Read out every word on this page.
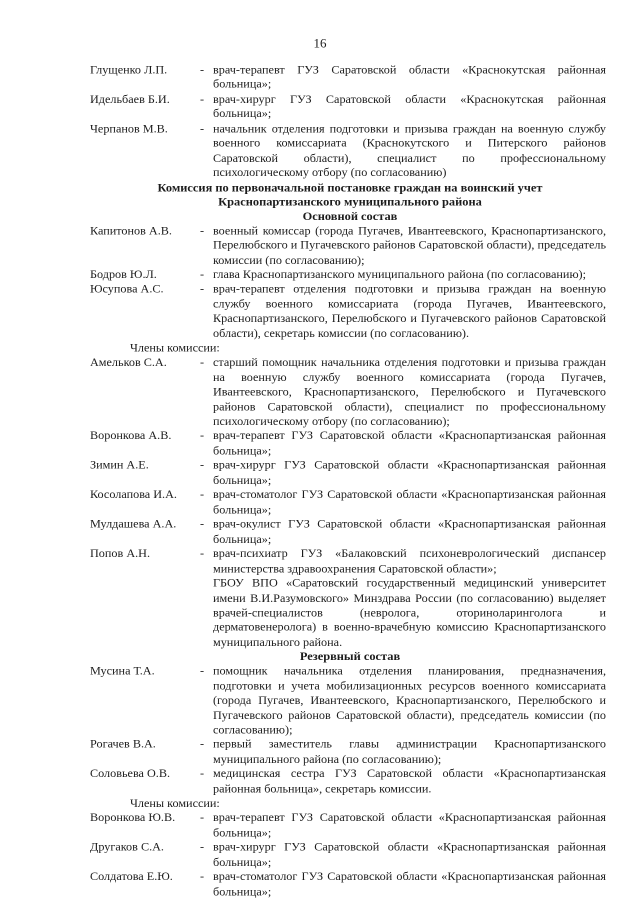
16
Глущенко Л.П.	- врач-терапевт ГУЗ Саратовской области «Краснокутская районная больница»;
Идельбаев Б.И. - врач-хирург ГУЗ Саратовской области «Краснокутская районная больница»;
Черпанов М.В.	- начальник отделения подготовки и призыва граждан на военную службу военного комиссариата (Краснокутского и Питерского районов Саратовской области), специалист по профессиональному психологическому отбору (по согласованию)
Комиссия по первоначальной постановке граждан на воинский учет
Краснопартизанского муниципального района
Основной состав
Капитонов А.В. - военный комиссар (города Пугачев, Ивантеевского, Краснопартизанского, Перелюбского и Пугачевского районов Саратовской области), председатель комиссии (по согласованию);
Бодров Ю.Л.	- глава Краснопартизанского муниципального района (по согласованию);
Юсупова А.С.	- врач-терапевт отделения подготовки и призыва граждан на военную службу военного комиссариата (города Пугачев, Ивантеевского, Краснопартизанского, Перелюбского и Пугачевского районов Саратовской области), секретарь комиссии (по согласованию).
Члены комиссии:
Амельков С.А.	- старший помощник начальника отделения подготовки и призыва граждан на военную службу военного комиссариата (города Пугачев, Ивантеевского, Краснопартизанского, Перелюбского и Пугачевского районов Саратовской области), специалист по профессиональному психологическому отбору (по согласованию);
Воронкова А.В. - врач-терапевт ГУЗ Саратовской области «Краснопартизанская районная больница»;
Зимин А.Е.	- врач-хирург ГУЗ Саратовской области «Краснопартизанская районная больница»;
Косолапова И.А. - врач-стоматолог ГУЗ Саратовской области «Краснопартизанская районная больница»;
Мулдашева А.А. - врач-окулист ГУЗ Саратовской области «Краснопартизанская районная больница»;
Попов А.Н.	- врач-психиатр ГУЗ «Балаковский психоневрологический диспансер министерства здравоохранения Саратовской области»;
ГБОУ ВПО «Саратовский государственный медицинский университет имени В.И.Разумовского» Минздрава России (по согласованию) выделяет врачей-специалистов (невролога, оториноларинголога и дерматовенеролога) в военно-врачебную комиссию Краснопартизанского муниципального района.
Резервный состав
Мусина Т.А.	- помощник начальника отделения планирования, предназначения, подготовки и учета мобилизационных ресурсов военного комиссариата (города Пугачев, Ивантеевского, Краснопартизанского, Перелюбского и Пугачевского районов Саратовской области), председатель комиссии (по согласованию);
Рогачев В.А.	- первый заместитель главы администрации Краснопартизанского муниципального района (по согласованию);
Соловьева О.В. - медицинская сестра ГУЗ Саратовской области «Краснопартизанская районная больница», секретарь комиссии.
Члены комиссии:
Воронкова Ю.В. - врач-терапевт ГУЗ Саратовской области «Краснопартизанская районная больница»;
Другаков С.А.	- врач-хирург ГУЗ Саратовской области «Краснопартизанская районная больница»;
Солдатова Е.Ю. - врач-стоматолог ГУЗ Саратовской области «Краснопартизанская районная больница»;
